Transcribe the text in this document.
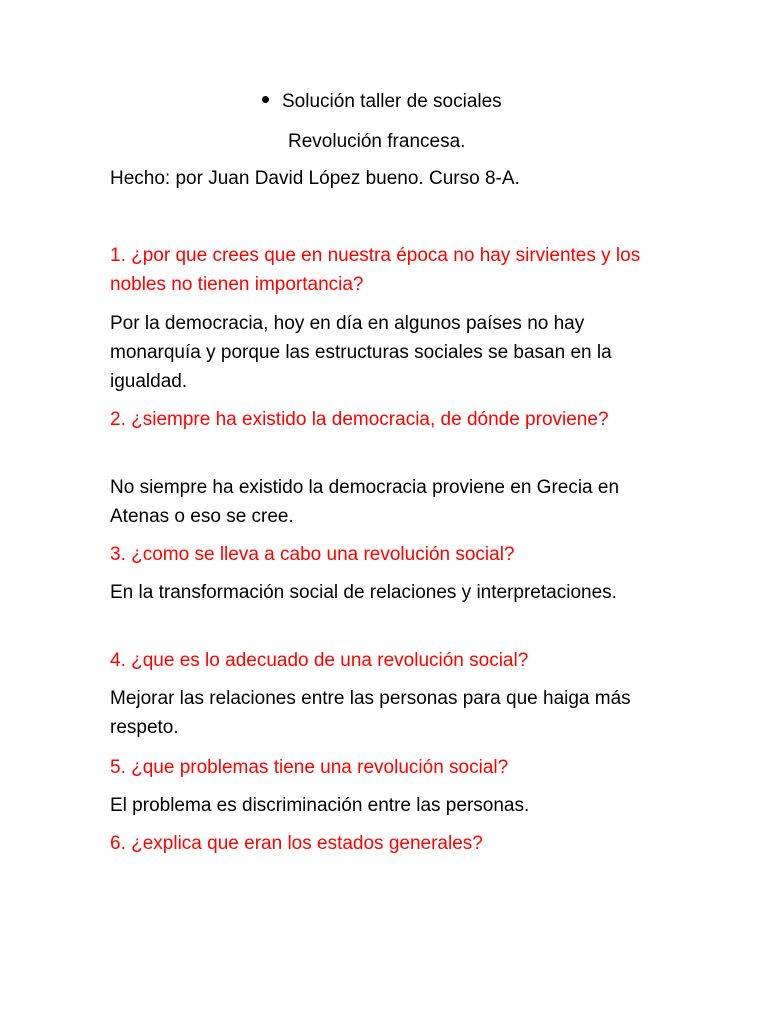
Solución taller de sociales
Revolución francesa.
Hecho: por Juan David López bueno. Curso 8-A.

1. ¿por que crees que en nuestra época no hay sirvientes y los nobles no tienen importancia?

Por la democracia, hoy en día en algunos países no hay monarquía y porque las estructuras sociales se basan en la igualdad.

2. ¿siempre ha existido la democracia, de dónde proviene?

No siempre ha existido la democracia proviene en Grecia en Atenas o eso se cree.

3. ¿como se lleva a cabo una revolución social?

En la transformación social de relaciones y interpretaciones.

4. ¿que es lo adecuado de una revolución social?

Mejorar las relaciones entre las personas para que haiga más respeto.

5. ¿que problemas tiene una revolución social?

El problema es discriminación entre las personas.

6. ¿explica que eran los estados generales?
